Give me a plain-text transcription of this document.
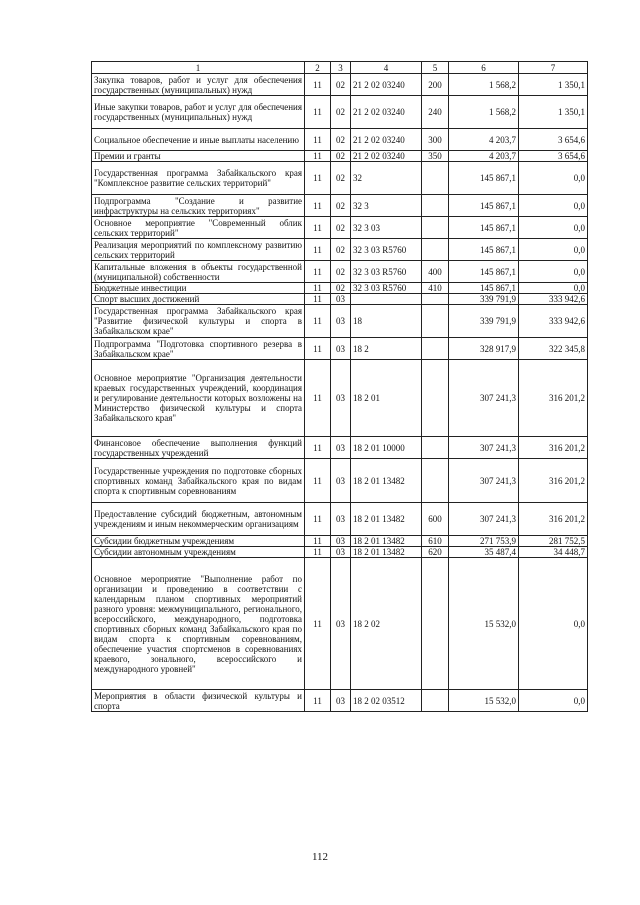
1	2	3	4	5	6	7
Закупка товаров, работ и услуг для обеспечения государственных (муниципальных) нужд	11	02	21 2 02 03240	200	1 568,2	1 350,1
Иные закупки товаров, работ и услуг для обеспечения государственных (муниципальных) нужд	11	02	21 2 02 03240	240	1 568,2	1 350,1
Социальное обеспечение и иные выплаты населению	11	02	21 2 02 03240	300	4 203,7	3 654,6
Премии и гранты	11	02	21 2 02 03240	350	4 203,7	3 654,6
Государственная программа Забайкальского края "Комплексное развитие сельских территорий"	11	02	32		145 867,1	0,0
Подпрограмма "Создание и развитие инфраструктуры на сельских территориях"	11	02	32 3		145 867,1	0,0
Основное мероприятие "Современный облик сельских территорий"	11	02	32 3 03		145 867,1	0,0
Реализация мероприятий по комплексному развитию сельских территорий	11	02	32 3 03 R5760		145 867,1	0,0
Капитальные вложения в объекты государственной (муниципальной) собственности	11	02	32 3 03 R5760	400	145 867,1	0,0
Бюджетные инвестиции	11	02	32 3 03 R5760	410	145 867,1	0,0
Спорт высших достижений	11	03			339 791,9	333 942,6
Государственная программа Забайкальского края "Развитие физической культуры и спорта в Забайкальском крае"	11	03	18		339 791,9	333 942,6
Подпрограмма "Подготовка спортивного резерва в Забайкальском крае"	11	03	18 2		328 917,9	322 345,8
Основное мероприятие "Организация деятельности краевых государственных учреждений, координация и регулирование деятельности которых возложены на Министерство физической культуры и спорта Забайкальского края"	11	03	18 2 01		307 241,3	316 201,2
Финансовое обеспечение выполнения функций государственных учреждений	11	03	18 2 01 10000		307 241,3	316 201,2
Государственные учреждения по подготовке сборных спортивных команд Забайкальского края по видам спорта к спортивным соревнованиям	11	03	18 2 01 13482		307 241,3	316 201,2
Предоставление субсидий бюджетным, автономным учреждениям и иным некоммерческим организациям	11	03	18 2 01 13482	600	307 241,3	316 201,2
Субсидии бюджетным учреждениям	11	03	18 2 01 13482	610	271 753,9	281 752,5
Субсидии автономным учреждениям	11	03	18 2 01 13482	620	35 487,4	34 448,7
Основное мероприятие "Выполнение работ по организации и проведению в соответствии с календарным планом спортивных мероприятий разного уровня: межмуниципального, регионального, всероссийского, международного, подготовка спортивных сборных команд Забайкальского края по видам спорта к спортивным соревнованиям, обеспечение участия спортсменов в соревнованиях краевого, зонального, всероссийского и международного уровней"	11	03	18 2 02		15 532,0	0,0
Мероприятия в области физической культуры и спорта	11	03	18 2 02 03512		15 532,0	0,0
112
